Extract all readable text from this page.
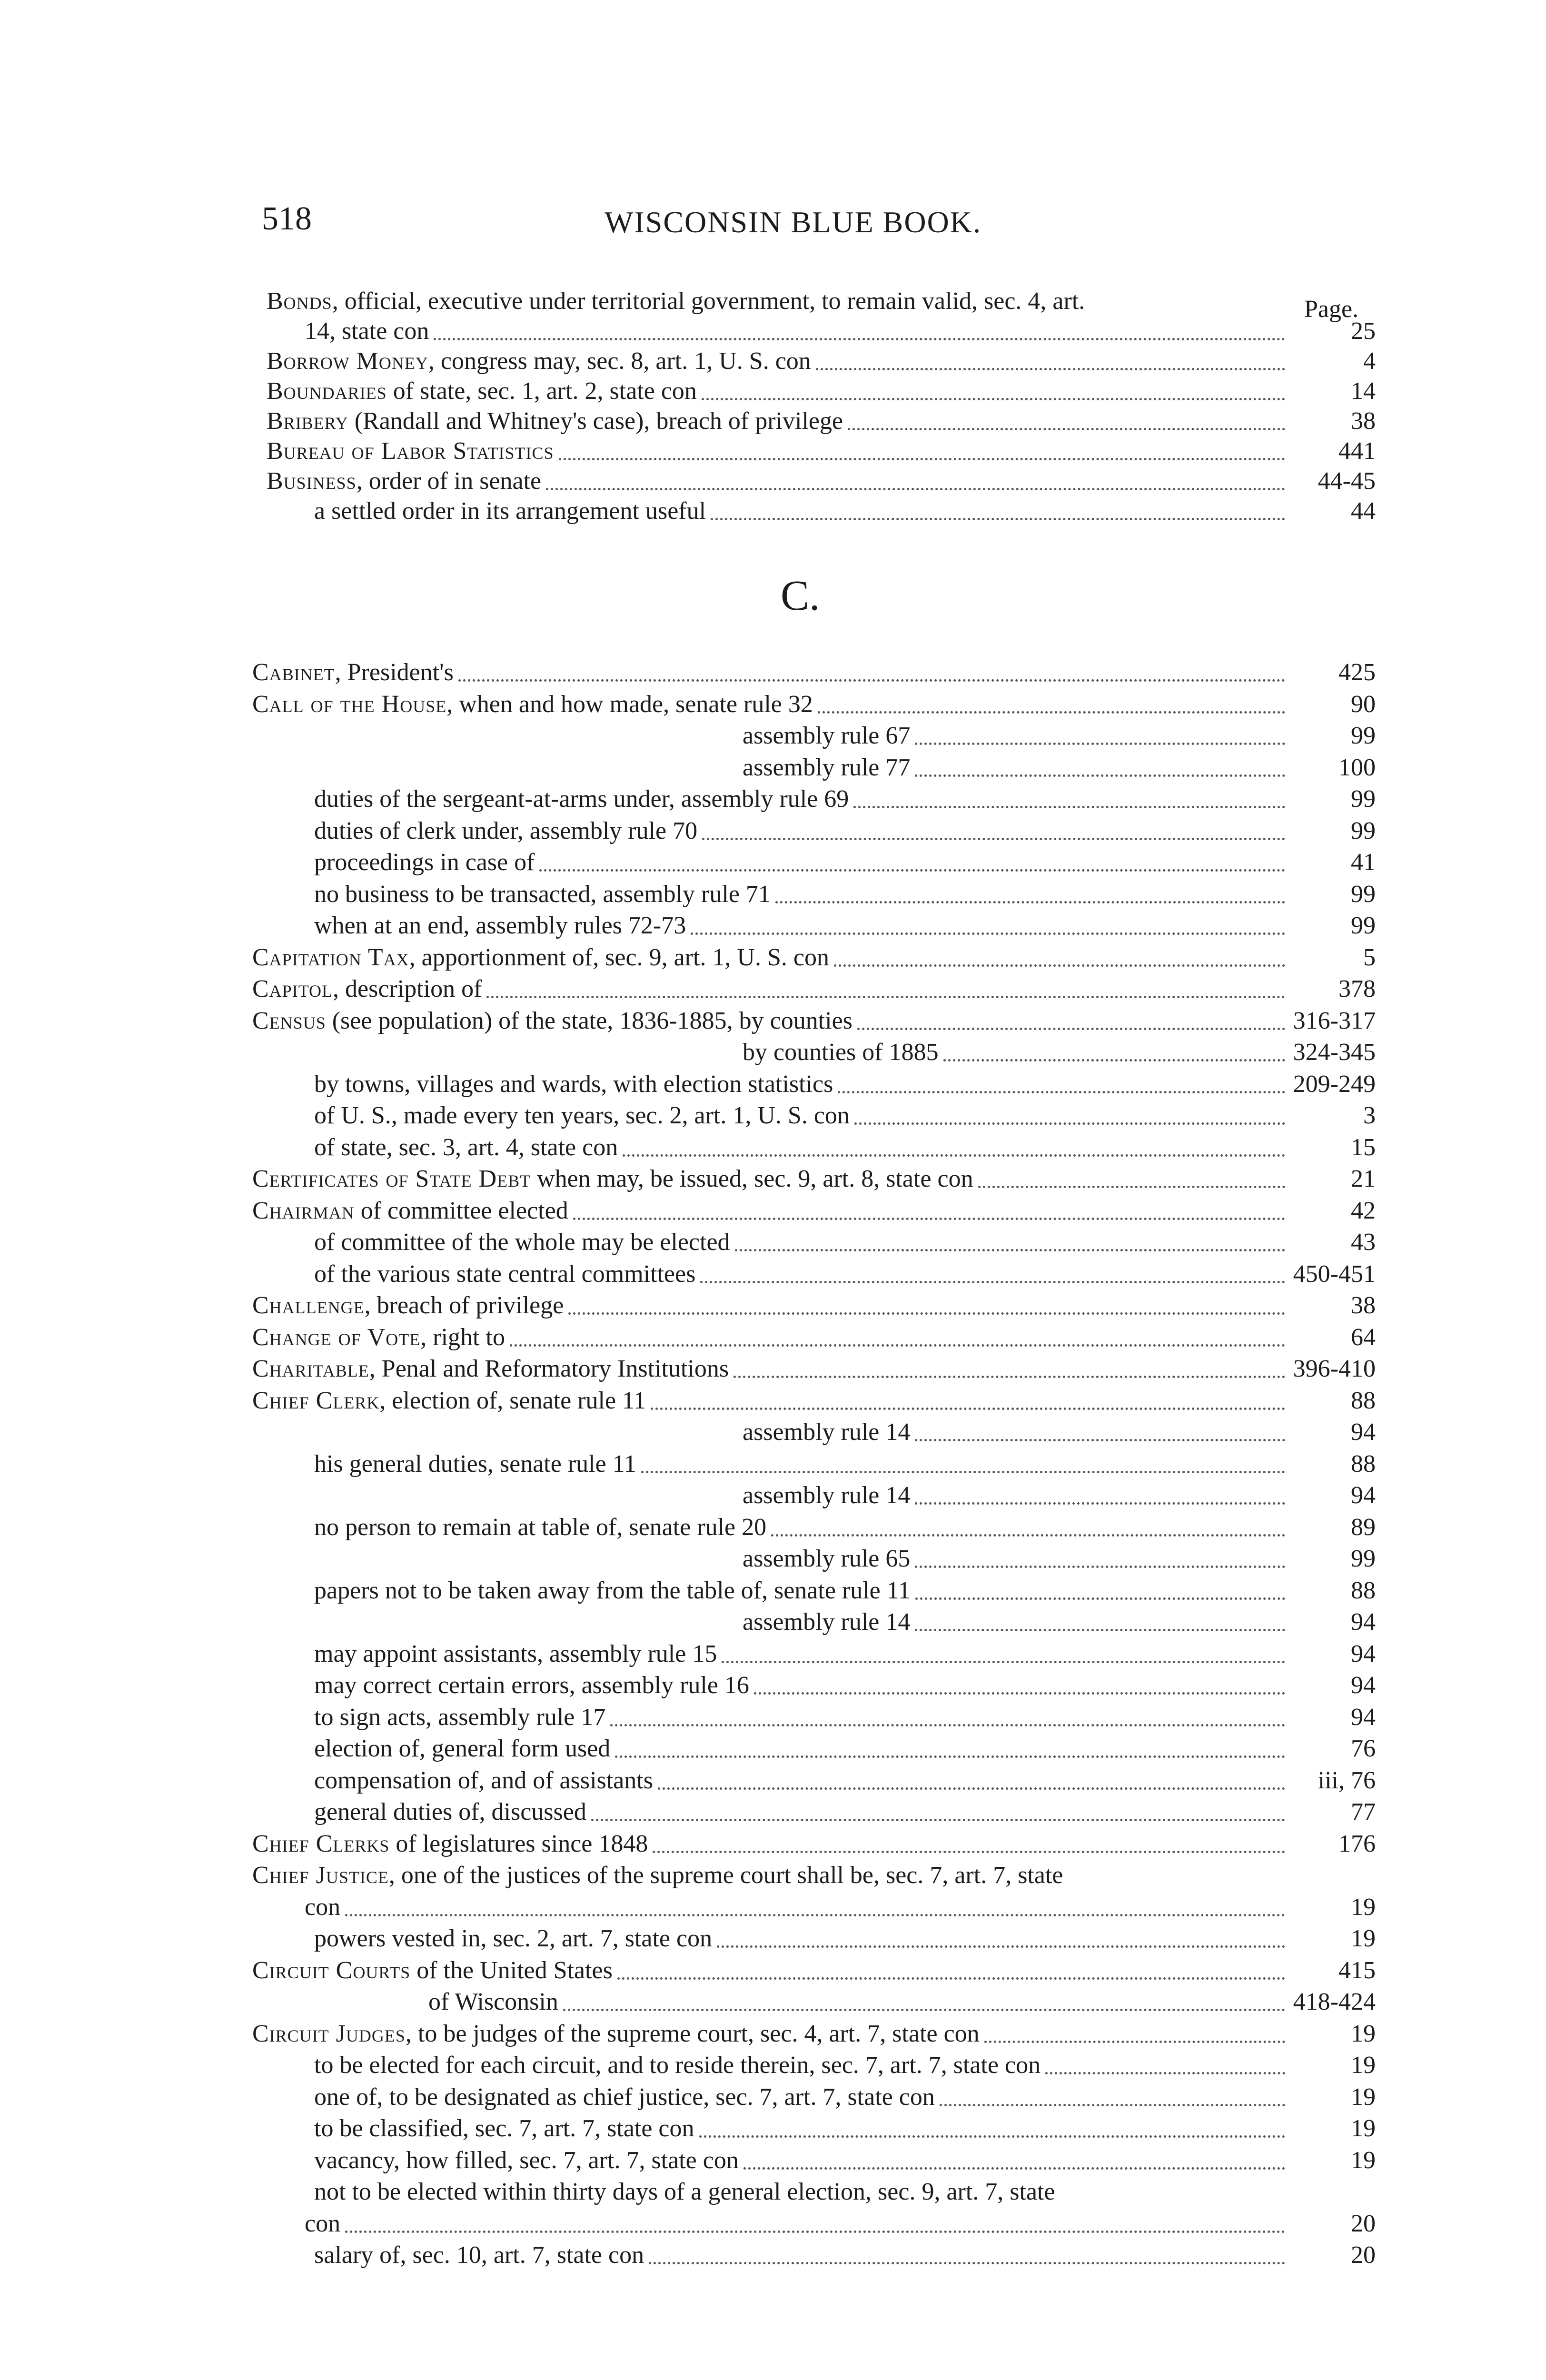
518	WISCONSIN BLUE BOOK.
Page.
C.
Bonds, official, executive under territorial government, to remain valid, sec. 4, art.
14, state con	25
Borrow Money, congress may, sec. 8, art. 1, U. S. con	4
Boundaries of state, sec. 1, art. 2, state con	14
Bribery (Randall and Whitney's case), breach of privilege	38
Bureau of Labor Statistics	441
Business, order of in senate	44-45
a settled order in its arrangement useful	44
Cabinet, President's	425
Call of the House, when and how made, senate rule 32	90
assembly rule 67	99
assembly rule 77	100
duties of the sergeant-at-arms under, assembly rule 69	99
duties of clerk under, assembly rule 70	99
proceedings in case of	41
no business to be transacted, assembly rule 71	99
when at an end, assembly rules 72-73	99
Capitation Tax, apportionment of, sec. 9, art. 1, U. S. con	5
Capitol, description of	378
Census (see population) of the state, 1836-1885, by counties	316-317
by counties of 1885	324-345
by towns, villages and wards, with election statistics	209-249
of U. S., made every ten years, sec. 2, art. 1, U. S. con	3
of state, sec. 3, art. 4, state con	15
Certificates of State Debt when may, be issued, sec. 9, art. 8, state con	21
Chairman of committee elected	42
of committee of the whole may be elected	43
of the various state central committees	450-451
Challenge, breach of privilege	38
Change of Vote, right to	64
Charitable, Penal and Reformatory Institutions	396-410
Chief Clerk, election of, senate rule 11	88
assembly rule 14	94
his general duties, senate rule 11	88
assembly rule 14	94
no person to remain at table of, senate rule 20	89
assembly rule 65	99
papers not to be taken away from the table of, senate rule 11	88
assembly rule 14	94
may appoint assistants, assembly rule 15	94
may correct certain errors, assembly rule 16	94
to sign acts, assembly rule 17	94
election of, general form used	76
compensation of, and of assistants	iii, 76
general duties of, discussed	77
Chief Clerks of legislatures since 1848	176
Chief Justice, one of the justices of the supreme court shall be, sec. 7, art. 7, state
con	19
powers vested in, sec. 2, art. 7, state con	19
Circuit Courts of the United States	415
of Wisconsin	418-424
Circuit Judges, to be judges of the supreme court, sec. 4, art. 7, state con	19
to be elected for each circuit, and to reside therein, sec. 7, art. 7, state con	19
one of, to be designated as chief justice, sec. 7, art. 7, state con	19
to be classified, sec. 7, art. 7, state con	19
vacancy, how filled, sec. 7, art. 7, state con	19
not to be elected within thirty days of a general election, sec. 9, art. 7, state
con	20
salary of, sec. 10, art. 7, state con	20
